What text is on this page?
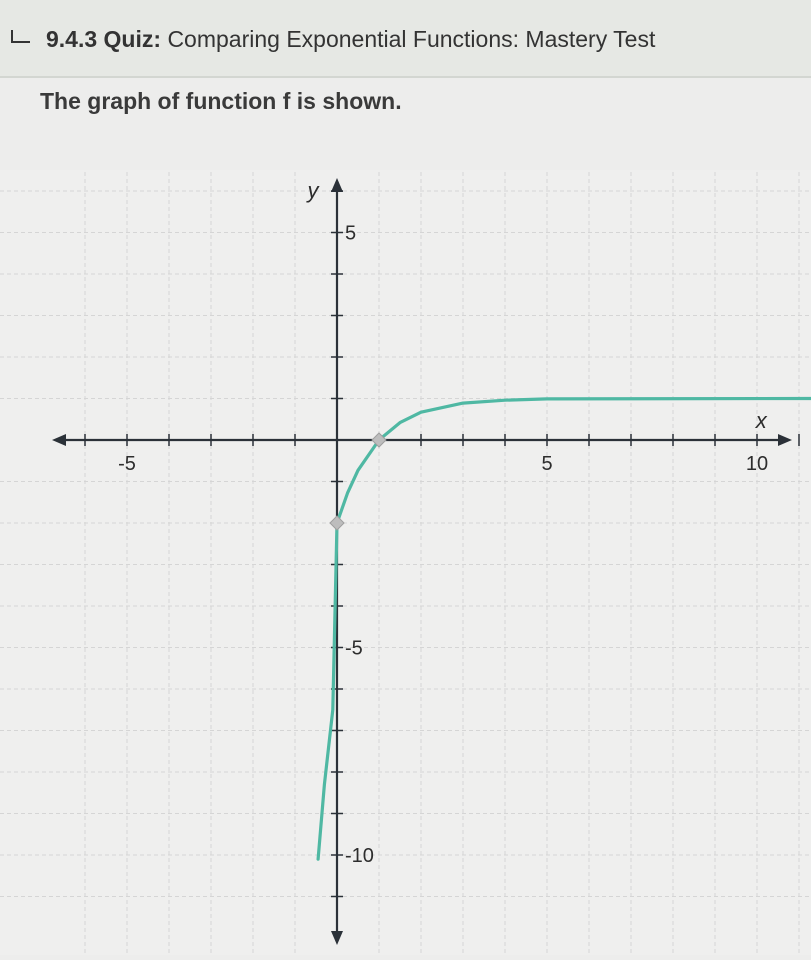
9.4.3 Quiz: Comparing Exponential Functions: Mastery Test
The graph of function f is shown.
-5	5	10
5
-5
-10
x
y
